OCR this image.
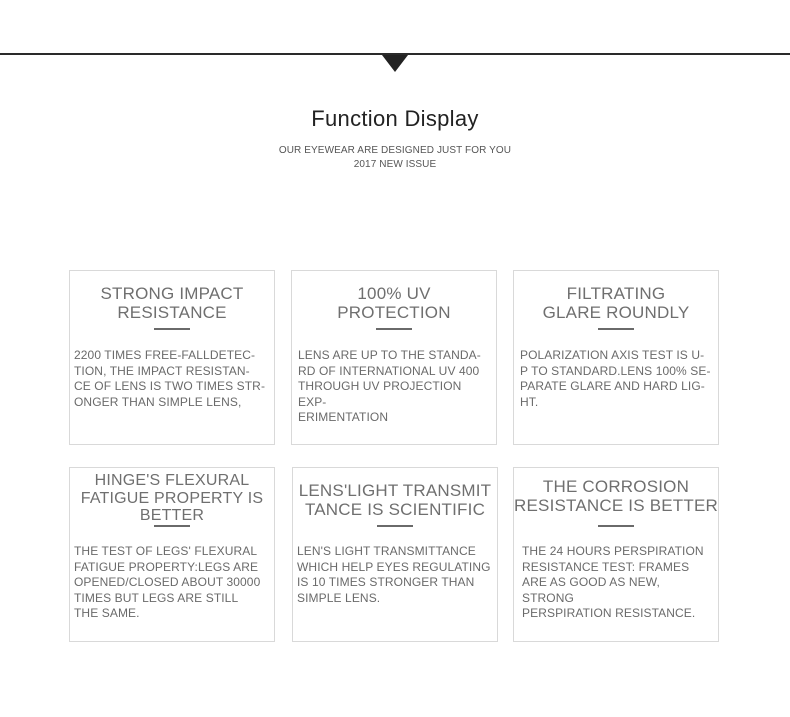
Function Display
OUR EYEWEAR ARE DESIGNED JUST FOR YOU
2017 NEW ISSUE
STRONG IMPACT
RESISTANCE
2200 TIMES FREE-FALLDETEC-
TION, THE IMPACT RESISTAN-
CE OF LENS IS TWO TIMES STR-
ONGER THAN SIMPLE LENS,
100% UV
PROTECTION
LENS ARE UP TO THE STANDA-
RD OF INTERNATIONAL UV 400
THROUGH UV PROJECTION EXP-
ERIMENTATION
FILTRATING
GLARE ROUNDLY
POLARIZATION AXIS TEST IS U-
P TO STANDARD.LENS 100% SE-
PARATE GLARE AND HARD LIG-
HT.
HINGE'S FLEXURAL
FATIGUE PROPERTY IS
BETTER
THE TEST OF LEGS' FLEXURAL
FATIGUE PROPERTY:LEGS ARE
OPENED/CLOSED ABOUT 30000
TIMES BUT LEGS ARE STILL
THE SAME.
LENS'LIGHT TRANSMIT
TANCE IS SCIENTIFIC
LEN'S LIGHT TRANSMITTANCE
WHICH HELP EYES REGULATING
IS 10 TIMES STRONGER THAN
SIMPLE LENS.
THE CORROSION
RESISTANCE IS BETTER
THE 24 HOURS PERSPIRATION
RESISTANCE TEST: FRAMES
ARE AS GOOD AS NEW, STRONG
PERSPIRATION RESISTANCE.
